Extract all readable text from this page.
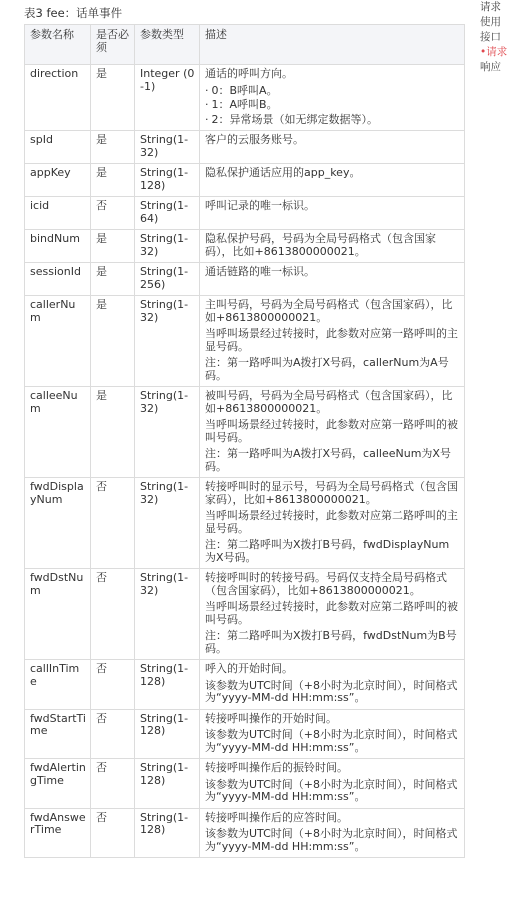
表3 fee：话单事件	请求
使用
接口
•请求
响应
参数名称	是否必须	参数类型	描述
direction	是	Integer (0-1)	通话的呼叫方向。
· 0：B呼叫A。
· 1：A呼叫B。
· 2：异常场景（如无绑定数据等）。

spId	是	String(1-32)	客户的云服务账号。

appKey	是	String(1-128)	隐私保护通话应用的app_key。

icid	否	String(1-64)	呼叫记录的唯一标识。

bindNum	是	String(1-32)	隐私保护号码，号码为全局号码格式（包含国家码），比如+8613800000021。

sessionId	是	String(1-256)	通话链路的唯一标识。

callerNum	是	String(1-32)	主叫号码，号码为全局号码格式（包含国家码），比如+8613800000021。
当呼叫场景经过转接时，此参数对应第一路呼叫的主显号码。
注：第一路呼叫为A拨打X号码，callerNum为A号码。

calleeNum	是	String(1-32)	被叫号码，号码为全局号码格式（包含国家码），比如+8613800000021。
当呼叫场景经过转接时，此参数对应第一路呼叫的被叫号码。
注：第一路呼叫为A拨打X号码，calleeNum为X号码。

fwdDisplayNum	否	String(1-32)	转接呼叫时的显示号，号码为全局号码格式（包含国家码），比如+8613800000021。
当呼叫场景经过转接时，此参数对应第二路呼叫的主显号码。
注：第二路呼叫为X拨打B号码，fwdDisplayNum为X号码。

fwdDstNum	否	String(1-32)	转接呼叫时的转接号码。号码仅支持全局号码格式（包含国家码），比如+8613800000021。
当呼叫场景经过转接时，此参数对应第二路呼叫的被叫号码。
注：第二路呼叫为X拨打B号码，fwdDstNum为B号码。

callInTime	否	String(1-128)	呼入的开始时间。
该参数为UTC时间（+8小时为北京时间），时间格式为“yyyy-MM-dd HH:mm:ss”。

fwdStartTime	否	String(1-128)	转接呼叫操作的开始时间。
该参数为UTC时间（+8小时为北京时间），时间格式为“yyyy-MM-dd HH:mm:ss”。

fwdAlertingTime	否	String(1-128)	转接呼叫操作后的振铃时间。
该参数为UTC时间（+8小时为北京时间），时间格式为“yyyy-MM-dd HH:mm:ss”。

fwdAnswerTime	否	String(1-128)	转接呼叫操作后的应答时间。
该参数为UTC时间（+8小时为北京时间），时间格式为“yyyy-MM-dd HH:mm:ss”。
